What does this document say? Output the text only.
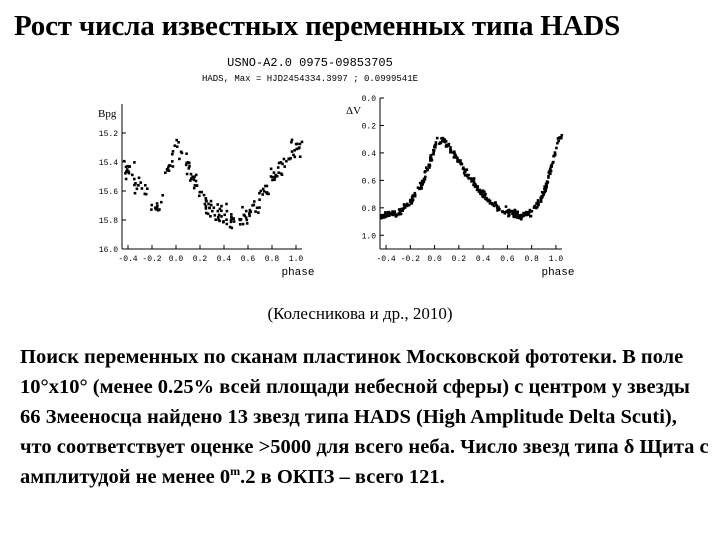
Рост числа известных переменных типа HADS
USNO-A2.0 0975-09853705
HADS, Max = HJD2454334.3997 ; 0.0999541E
15.2
15.4
15.6
15.8
16.0
-0.4 -0.2 0.0 0.2 0.4 0.6 0.8 1.0
Bpg
phase
0.0
0.2
0.4
0.6
0.8
1.0
-0.4 -0.2 0.0 0.2 0.4 0.6 0.8 1.0
ΔV
phase
(Колесникова и др., 2010)
Поиск переменных по сканам пластинок Московской фототеки. В поле 10°x10° (менее 0.25% всей площади небесной сферы) с центром у звезды 66 Змееносца найдено 13 звезд типа HADS (High Amplitude Delta Scuti), что соответствует оценке >5000 для всего неба. Число звезд типа δ Щита с амплитудой не менее 0$^m$.2 в ОКПЗ – всего 121.
